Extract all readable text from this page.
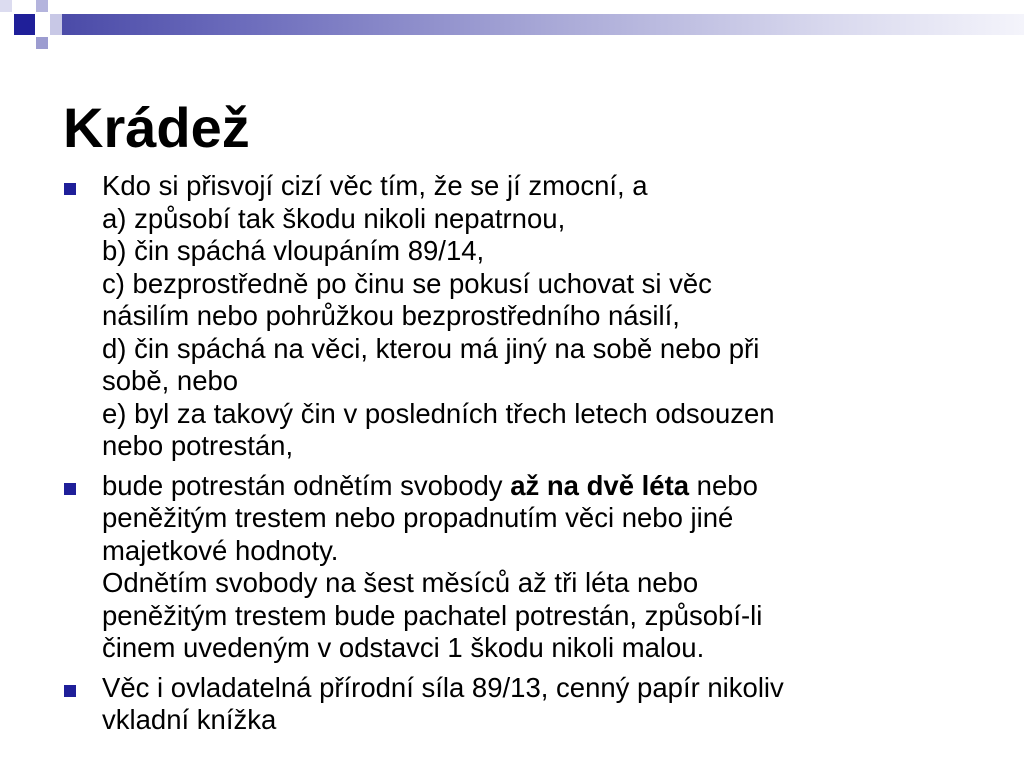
Krádež
Kdo si přisvojí cizí věc tím, že se jí zmocní, a
a) způsobí tak škodu nikoli nepatrnou,
b) čin spáchá vloupáním 89/14,
c) bezprostředně po činu se pokusí uchovat si věc
násilím nebo pohrůžkou bezprostředního násilí,
d) čin spáchá na věci, kterou má jiný na sobě nebo při
sobě, nebo
e) byl za takový čin v posledních třech letech odsouzen
nebo potrestán,
bude potrestán odnětím svobody až na dvě léta nebo
peněžitým trestem nebo propadnutím věci nebo jiné
majetkové hodnoty.
Odnětím svobody na šest měsíců až tři léta nebo
peněžitým trestem bude pachatel potrestán, způsobí-li
činem uvedeným v odstavci 1 škodu nikoli malou.
Věc i ovladatelná přírodní síla 89/13, cenný papír nikoliv
vkladní knížka
